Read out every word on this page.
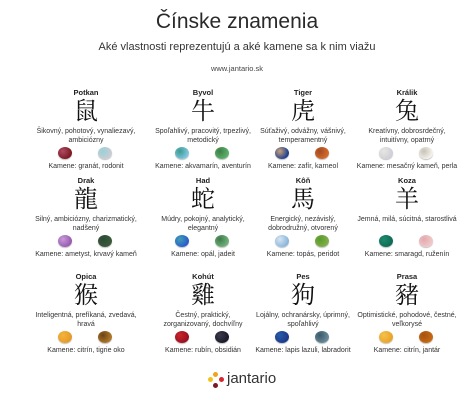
Čínske znamenia
Aké vlastnosti reprezentujú a aké kamene sa k nim viažu
www.jantario.sk
Potkan
鼠
Šikovný, pohotový, vynaliezavý, ambiciózny
Kamene: granát, rodonit
Byvol
牛
Spoľahlivý, pracovitý, trpezlivý, metodický
Kamene: akvamarín, aventurín
Tiger
虎
Súťaživý, odvážny, vášnivý, temperamentný
Kamene: zafír, karneol
Králik
兔
Kreatívny, dobrosrdečný, intuitívny, opatrný
Kamene: mesačný kameň, perla
Drak
龍
Silný, ambiciózny, charizmatický, nadšený
Kamene: ametyst, krvavý kameň
Had
蛇
Múdry, pokojný, analytický, elegantný
Kamene: opál, jadeit
Kôň
馬
Energický, nezávislý, dobrodružný, otvorený
Kamene: topás, peridot
Koza
羊
Jemná, milá, súcitná, starostlivá
Kamene: smaragd, ruženín
Opica
猴
Inteligentná, prefíkaná, zvedavá, hravá
Kamene: citrín, tigrie oko
Kohút
雞
Čestný, praktický, zorganizovaný, dochvíľny
Kamene: rubín, obsidián
Pes
狗
Lojálny, ochranársky, úprimný, spoľahlivý
Kamene: lapis lazuli, labradorit
Prasa
豬
Optimistické, pohodové, čestné, veľkorysé
Kamene: citrín, jantár
jantario
